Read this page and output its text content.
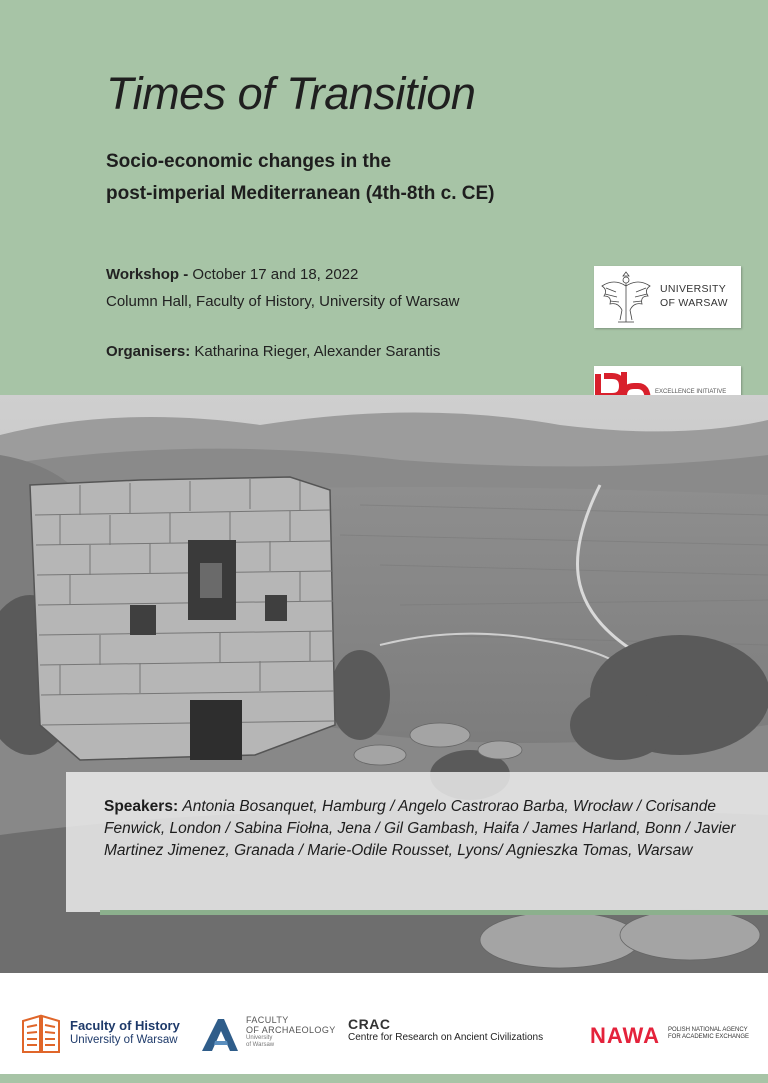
Times of Transition
Socio-economic changes in the
post-imperial Mediterranean (4th-8th c. CE)
Workshop - October 17 and 18, 2022
Column Hall, Faculty of History, University of Warsaw
Organisers: Katharina Rieger, Alexander Sarantis
UNIVERSITY
OF WARSAW
EXCELLENCE INITIATIVE
Speakers: Antonia Bosanquet, Hamburg / Angelo Castrorao Barba, Wrocław / Corisande Fenwick, London / Sabina Fiołna, Jena / Gil Gambash, Haifa / James Harland, Bonn / Javier Martinez Jimenez, Granada / Marie-Odile Rousset, Lyons/ Agnieszka Tomas, Warsaw
Faculty of History
University of Warsaw
FACULTY
OF ARCHAEOLOGY
University
of Warsaw
CRAC
Centre for Research on Ancient Civilizations NAWA POLISH NATIONAL AGENCY
FOR ACADEMIC EXCHANGE
